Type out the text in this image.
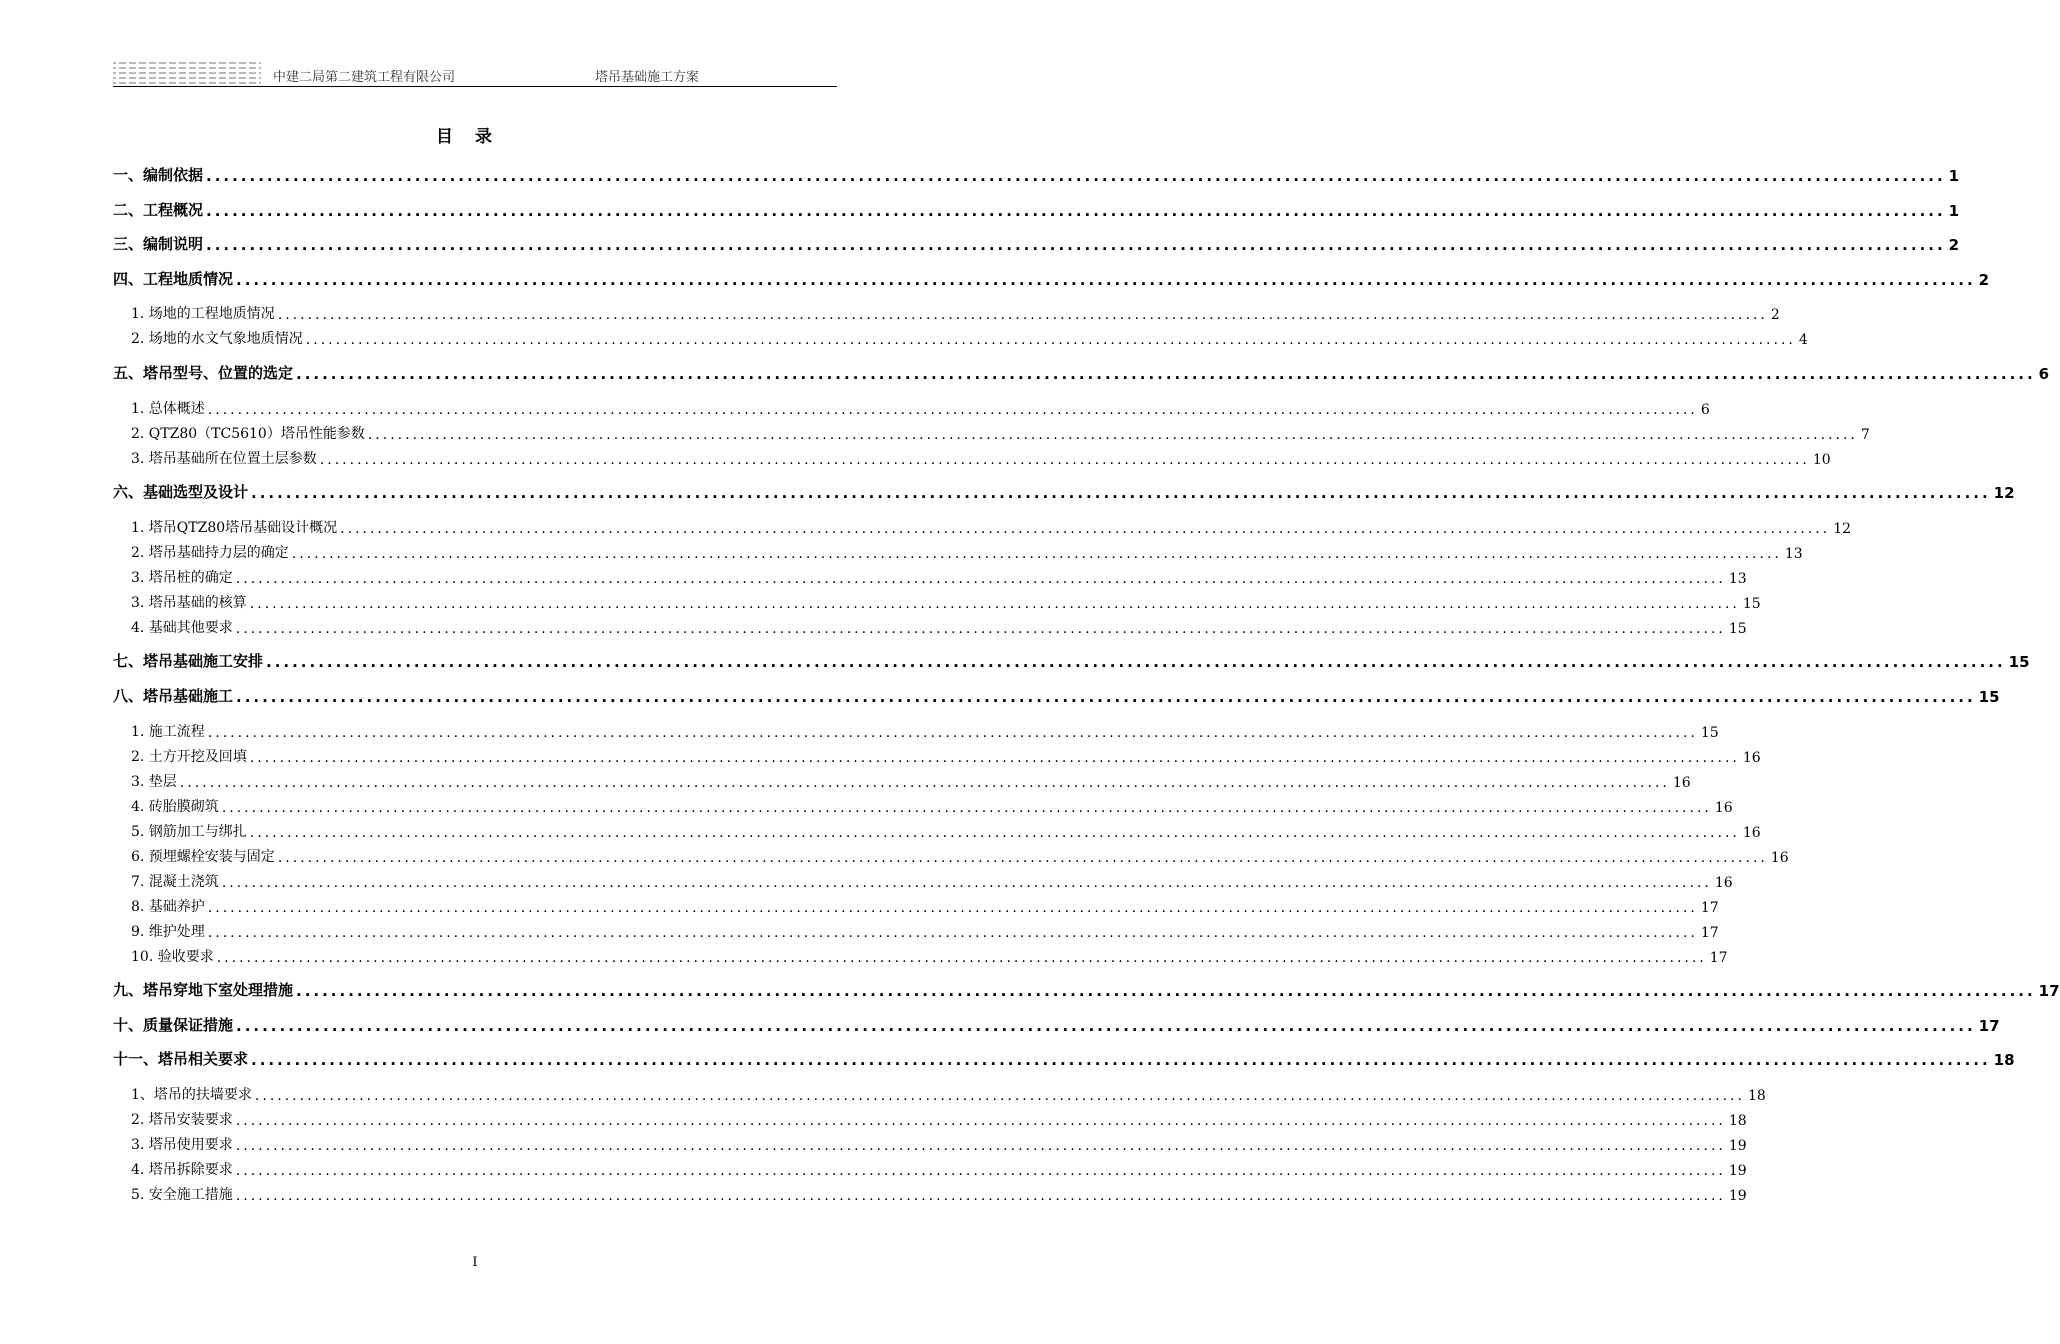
中建二局第二建筑工程有限公司	塔吊基础施工方案
目录
一、编制依据 ........................................................................................................................................................................................................ 1
二、工程概况 ........................................................................................................................................................................................................ 1
三、编制说明 ........................................................................................................................................................................................................ 2
四、工程地质情况 ........................................................................................................................................................................................................ 2
1. 场地的工程地质情况 ........................................................................................................................................................................................................ 2
2. 场地的水文气象地质情况 ........................................................................................................................................................................................................ 4
五、塔吊型号、位置的选定 ........................................................................................................................................................................................................ 6
1. 总体概述 ........................................................................................................................................................................................................ 6
2. QTZ80（TC5610）塔吊性能参数 ........................................................................................................................................................................................................ 7
3. 塔吊基础所在位置土层参数 ........................................................................................................................................................................................................ 10
六、基础选型及设计 ........................................................................................................................................................................................................ 12
1. 塔吊QTZ80塔吊基础设计概况 ........................................................................................................................................................................................................ 12
2. 塔吊基础持力层的确定 ........................................................................................................................................................................................................ 13
3. 塔吊桩的确定 ........................................................................................................................................................................................................ 13
3. 塔吊基础的核算 ........................................................................................................................................................................................................ 15
4. 基础其他要求 ........................................................................................................................................................................................................ 15
七、塔吊基础施工安排 ........................................................................................................................................................................................................ 15
八、塔吊基础施工 ........................................................................................................................................................................................................ 15
1. 施工流程 ........................................................................................................................................................................................................ 15
2. 土方开挖及回填 ........................................................................................................................................................................................................ 16
3. 垫层 ........................................................................................................................................................................................................ 16
4. 砖胎膜砌筑 ........................................................................................................................................................................................................ 16
5. 钢筋加工与绑扎 ........................................................................................................................................................................................................ 16
6. 预埋螺栓安装与固定 ........................................................................................................................................................................................................ 16
7. 混凝土浇筑 ........................................................................................................................................................................................................ 16
8. 基础养护 ........................................................................................................................................................................................................ 17
9. 维护处理 ........................................................................................................................................................................................................ 17
10. 验收要求 ........................................................................................................................................................................................................ 17
九、塔吊穿地下室处理措施 ........................................................................................................................................................................................................ 17
十、质量保证措施 ........................................................................................................................................................................................................ 17
十一、塔吊相关要求 ........................................................................................................................................................................................................ 18
1、塔吊的扶墙要求 ........................................................................................................................................................................................................ 18
2. 塔吊安装要求 ........................................................................................................................................................................................................ 18
3. 塔吊使用要求 ........................................................................................................................................................................................................ 19
4. 塔吊拆除要求 ........................................................................................................................................................................................................ 19
5. 安全施工措施 ........................................................................................................................................................................................................ 19
I
